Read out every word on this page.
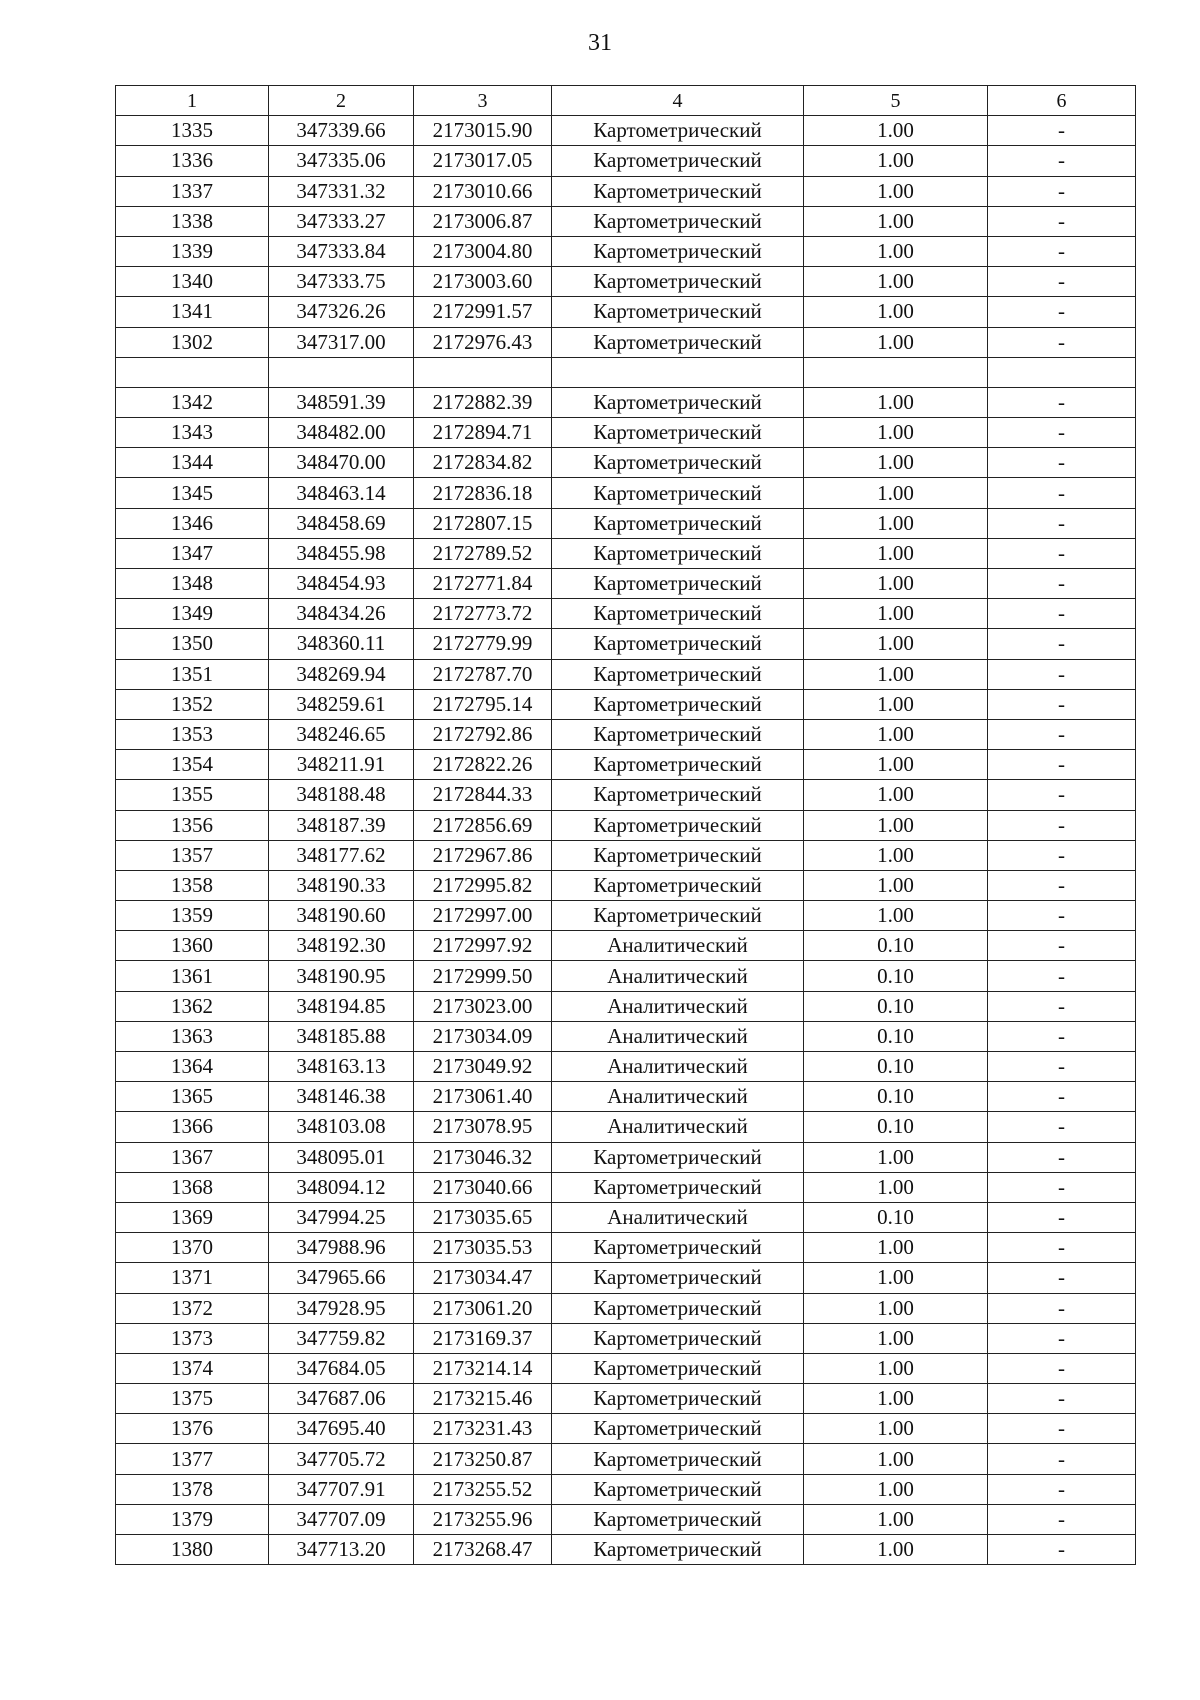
31
1	2	3	4	5	6
1335	347339.66	2173015.90	Картометрический	1.00	-
1336	347335.06	2173017.05	Картометрический	1.00	-
1337	347331.32	2173010.66	Картометрический	1.00	-
1338	347333.27	2173006.87	Картометрический	1.00	-
1339	347333.84	2173004.80	Картометрический	1.00	-
1340	347333.75	2173003.60	Картометрический	1.00	-
1341	347326.26	2172991.57	Картометрический	1.00	-
1302	347317.00	2172976.43	Картометрический	1.00	-

1342	348591.39	2172882.39	Картометрический	1.00	-
1343	348482.00	2172894.71	Картометрический	1.00	-
1344	348470.00	2172834.82	Картометрический	1.00	-
1345	348463.14	2172836.18	Картометрический	1.00	-
1346	348458.69	2172807.15	Картометрический	1.00	-
1347	348455.98	2172789.52	Картометрический	1.00	-
1348	348454.93	2172771.84	Картометрический	1.00	-
1349	348434.26	2172773.72	Картометрический	1.00	-
1350	348360.11	2172779.99	Картометрический	1.00	-
1351	348269.94	2172787.70	Картометрический	1.00	-
1352	348259.61	2172795.14	Картометрический	1.00	-
1353	348246.65	2172792.86	Картометрический	1.00	-
1354	348211.91	2172822.26	Картометрический	1.00	-
1355	348188.48	2172844.33	Картометрический	1.00	-
1356	348187.39	2172856.69	Картометрический	1.00	-
1357	348177.62	2172967.86	Картометрический	1.00	-
1358	348190.33	2172995.82	Картометрический	1.00	-
1359	348190.60	2172997.00	Картометрический	1.00	-
1360	348192.30	2172997.92	Аналитический	0.10	-
1361	348190.95	2172999.50	Аналитический	0.10	-
1362	348194.85	2173023.00	Аналитический	0.10	-
1363	348185.88	2173034.09	Аналитический	0.10	-
1364	348163.13	2173049.92	Аналитический	0.10	-
1365	348146.38	2173061.40	Аналитический	0.10	-
1366	348103.08	2173078.95	Аналитический	0.10	-
1367	348095.01	2173046.32	Картометрический	1.00	-
1368	348094.12	2173040.66	Картометрический	1.00	-
1369	347994.25	2173035.65	Аналитический	0.10	-
1370	347988.96	2173035.53	Картометрический	1.00	-
1371	347965.66	2173034.47	Картометрический	1.00	-
1372	347928.95	2173061.20	Картометрический	1.00	-
1373	347759.82	2173169.37	Картометрический	1.00	-
1374	347684.05	2173214.14	Картометрический	1.00	-
1375	347687.06	2173215.46	Картометрический	1.00	-
1376	347695.40	2173231.43	Картометрический	1.00	-
1377	347705.72	2173250.87	Картометрический	1.00	-
1378	347707.91	2173255.52	Картометрический	1.00	-
1379	347707.09	2173255.96	Картометрический	1.00	-
1380	347713.20	2173268.47	Картометрический	1.00	-
